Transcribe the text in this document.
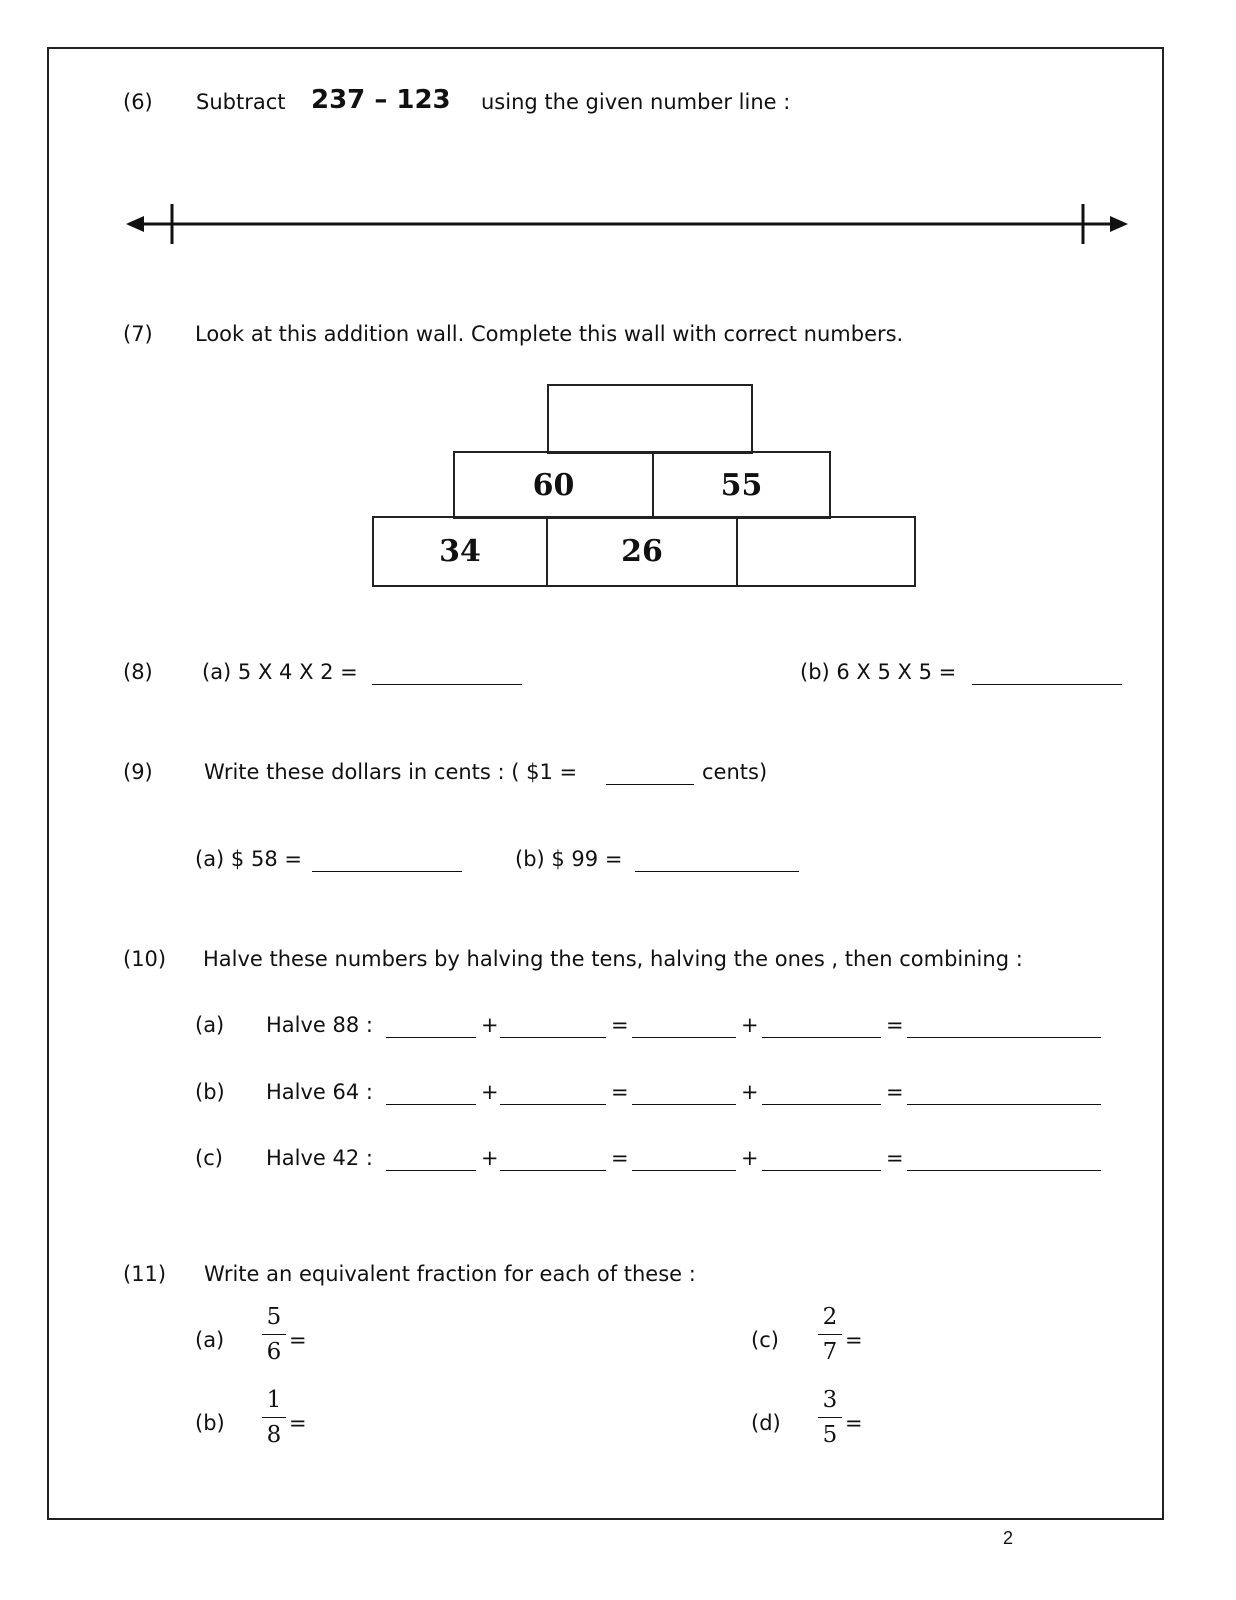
(6) Subtract 237 – 123 using the given number line :
(7) Look at this addition wall. Complete this wall with correct numbers.
60	55
34	26
(8) (a) 5 X 4 X 2 =	(b) 6 X 5 X 5 =
(9) Write these dollars in cents : ( $1 =	cents)
(a) $ 58 =	(b) $ 99 =
(10) Halve these numbers by halving the tens, halving the ones , then combining :
(a) Halve 88 :	+	=	+	=
(b) Halve 64 :	+	=	+	=
(c) Halve 42 :	+	=	+	=
(11) Write an equivalent fraction for each of these :
(a)
5
6 =
(b)
1
8 =
(c)
2
7 =
(d)
3
5 =
2
